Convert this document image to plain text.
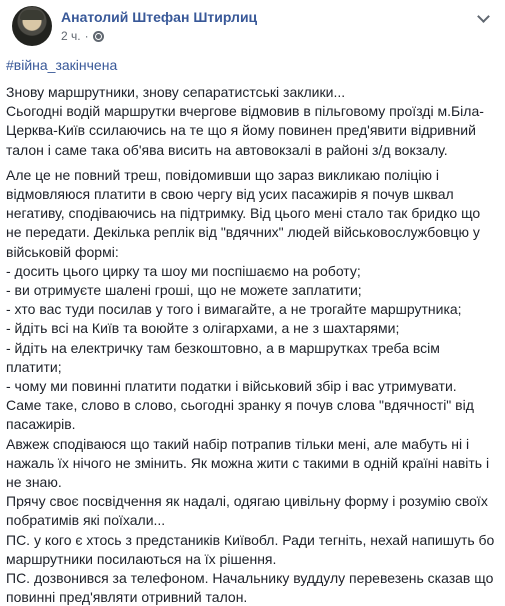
Анатолий Штефан Штирлиц
2 ч. ·
#війна_закінчена

Знову маршрутники, знову сепаратистські заклики...
Сьогодні водій маршрутки вчергове відмовив в пільговому проїзді м.Біла-
Церква-Київ ссилаючись на те що я йому повинен пред'явити відривний
талон і саме така об'ява висить на автовокзалі в районі з/д вокзалу.

Але це не повний треш, повідомивши що зараз викликаю поліцію і
відмовляюся платити в свою чергу від усих пасажирів я почув шквал
негативу, сподіваючись на підтримку. Від цього мені стало так бридко що
не передати. Декілька реплік від "вдячних" людей військовослужбовцю у
військовій формі:
- досить цього цирку та шоу ми поспішаємо на роботу;
- ви отримуєте шалені гроші, що не можете заплатити;
- хто вас туди посилав у того і вимагайте, а не трогайте маршрутника;
- йдіть всі на Київ та воюйте з олігархами, а не з шахтарями;
- йдіть на електричку там безкоштовно, а в маршрутках треба всім
платити;
- чому ми повинні платити податки і військовий збір і вас утримувати.
Саме таке, слово в слово, сьогодні зранку я почув слова "вдячності" від
пасажирів.
Авжеж сподіваюся що такий набір потрапив тільки мені, але мабуть ні і
нажаль їх нічого не змінить. Як можна жити с такими в одній країні навіть і
не знаю.
Прячу своє посвідчення як надалі, одягаю цивільну форму і розумію своїх
побратимів які поїхали...
ПС. у кого є хтось з предстаників Київобл. Ради тегніть, нехай напишуть бо
маршрутники посилаються на їх рішення.
ПС. дозвонився за телефоном. Начальнику вуддулу перевезень сказав що
повинні пред'являти отривний талон.
